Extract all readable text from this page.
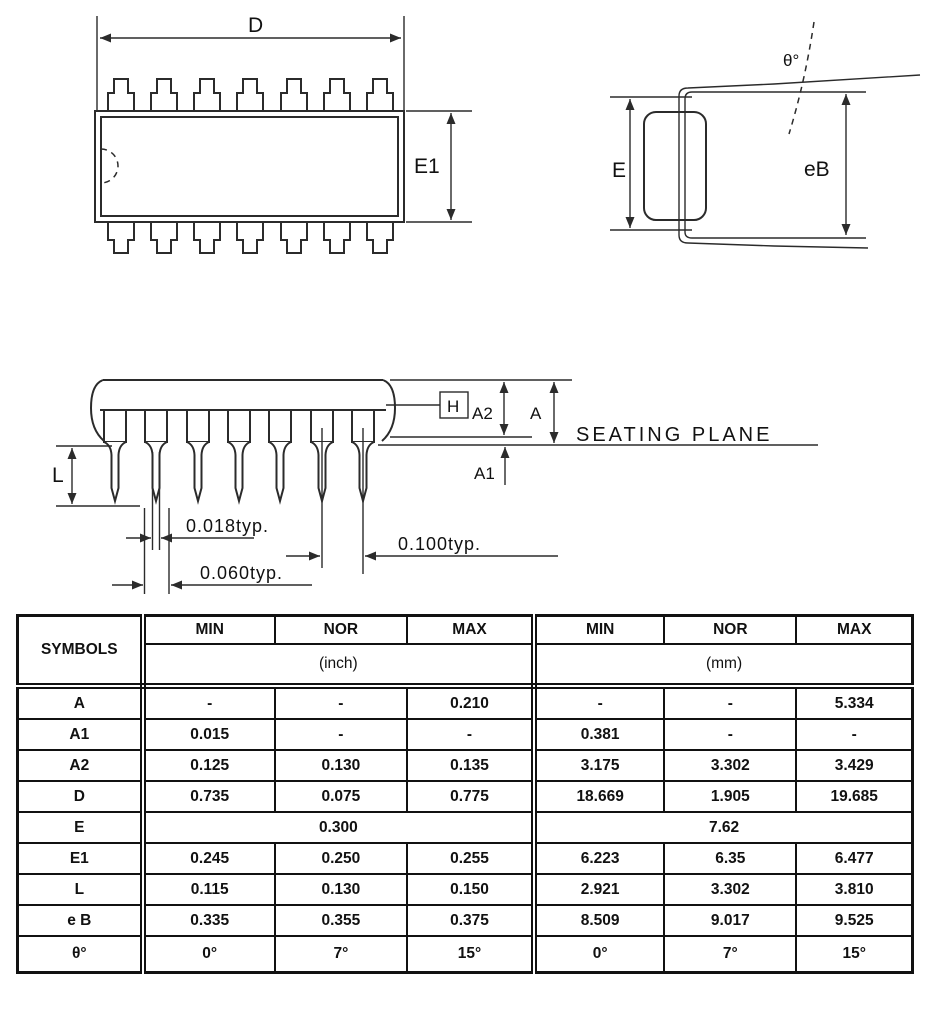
D
E1	E	eB
θ°
L
H
SEATING PLANE
A2 A
A1
0.018typ.
0.060typ.
0.100typ.
SYMBOLS	MIN	NOR	MAX	MIN	NOR	MAX
	(inch)			(mm)		
A	-	-	0.210	-	-	5.334
A1	0.015	-	-	0.381	-	-
A2	0.125	0.130	0.135	3.175	3.302	3.429
D	0.735	0.075	0.775	18.669	1.905	19.685
E	0.300			7.62		
E1	0.245	0.250	0.255	6.223	6.35	6.477
L	0.115	0.130	0.150	2.921	3.302	3.810
e B	0.335	0.355	0.375	8.509	9.017	9.525
θ°	0°	7°	15°	0°	7°	15°
